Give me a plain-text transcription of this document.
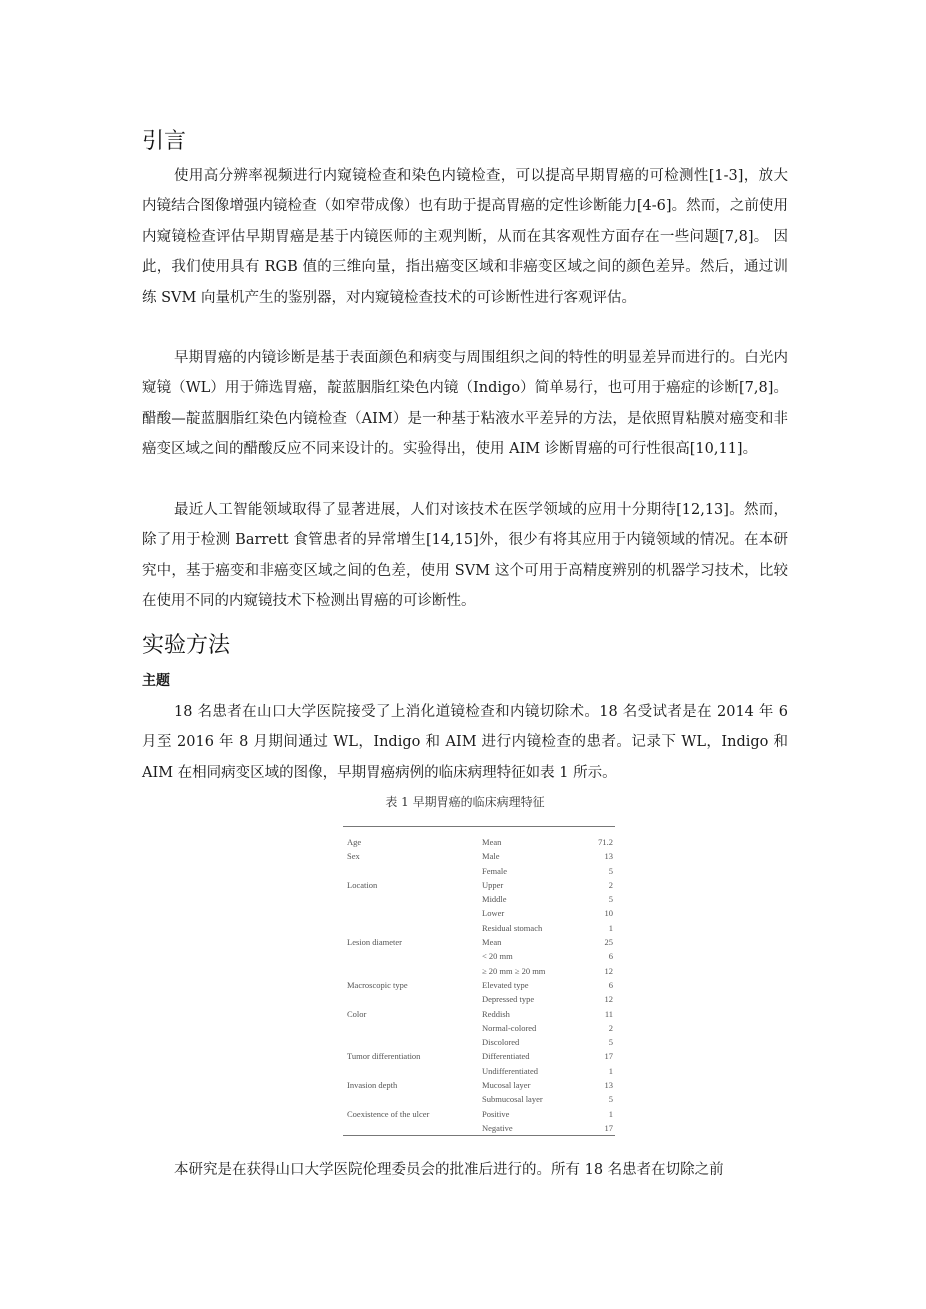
引言

使用高分辨率视频进行内窥镜检查和染色内镜检查，可以提高早期胃癌的可检测性[1-3]，放大内镜结合图像增强内镜检查（如窄带成像）也有助于提高胃癌的定性诊断能力[4-6]。然而，之前使用内窥镜检查评估早期胃癌是基于内镜医师的主观判断，从而在其客观性方面存在一些问题[7,8]。 因此，我们使用具有 RGB 值的三维向量，指出癌变区域和非癌变区域之间的颜色差异。然后，通过训练 SVM 向量机产生的鉴别器，对内窥镜检查技术的可诊断性进行客观评估。

早期胃癌的内镜诊断是基于表面颜色和病变与周围组织之间的特性的明显差异而进行的。白光内窥镜（WL）用于筛选胃癌，靛蓝胭脂红染色内镜（Indigo）简单易行，也可用于癌症的诊断[7,8]。醋酸—靛蓝胭脂红染色内镜检查（AIM）是一种基于粘液水平差异的方法，是依照胃粘膜对癌变和非癌变区域之间的醋酸反应不同来设计的。实验得出，使用 AIM 诊断胃癌的可行性很高[10,11]。

最近人工智能领域取得了显著进展，人们对该技术在医学领域的应用十分期待[12,13]。然而，除了用于检测 Barrett 食管患者的异常增生[14,15]外，很少有将其应用于内镜领域的情况。在本研究中，基于癌变和非癌变区域之间的色差，使用 SVM 这个可用于高精度辨别的机器学习技术，比较在使用不同的内窥镜技术下检测出胃癌的可诊断性。

实验方法
主题

18 名患者在山口大学医院接受了上消化道镜检查和内镜切除术。18 名受试者是在 2014 年 6 月至 2016 年 8 月期间通过 WL，Indigo 和 AIM 进行内镜检查的患者。记录下 WL，Indigo 和 AIM 在相同病变区域的图像，早期胃癌病例的临床病理特征如表 1 所示。

表 1 早期胃癌的临床病理特征
Age	Mean	71.2
Sex	Male	13
	Female	5
Location	Upper	2
	Middle	5
	Lower	10
	Residual stomach	1
Lesion diameter	Mean	25
	< 20 mm	6
	≥ 20 mm ≥ 20 mm	12
Macroscopic type	Elevated type	6
	Depressed type	12
Color	Reddish	11
	Normal-colored	2
	Discolored	5
Tumor differentiation	Differentiated	17
	Undifferentiated	1
Invasion depth	Mucosal layer	13
	Submucosal layer	5
Coexistence of the ulcer	Positive	1
	Negative	17

本研究是在获得山口大学医院伦理委员会的批准后进行的。所有 18 名患者在切除之前
